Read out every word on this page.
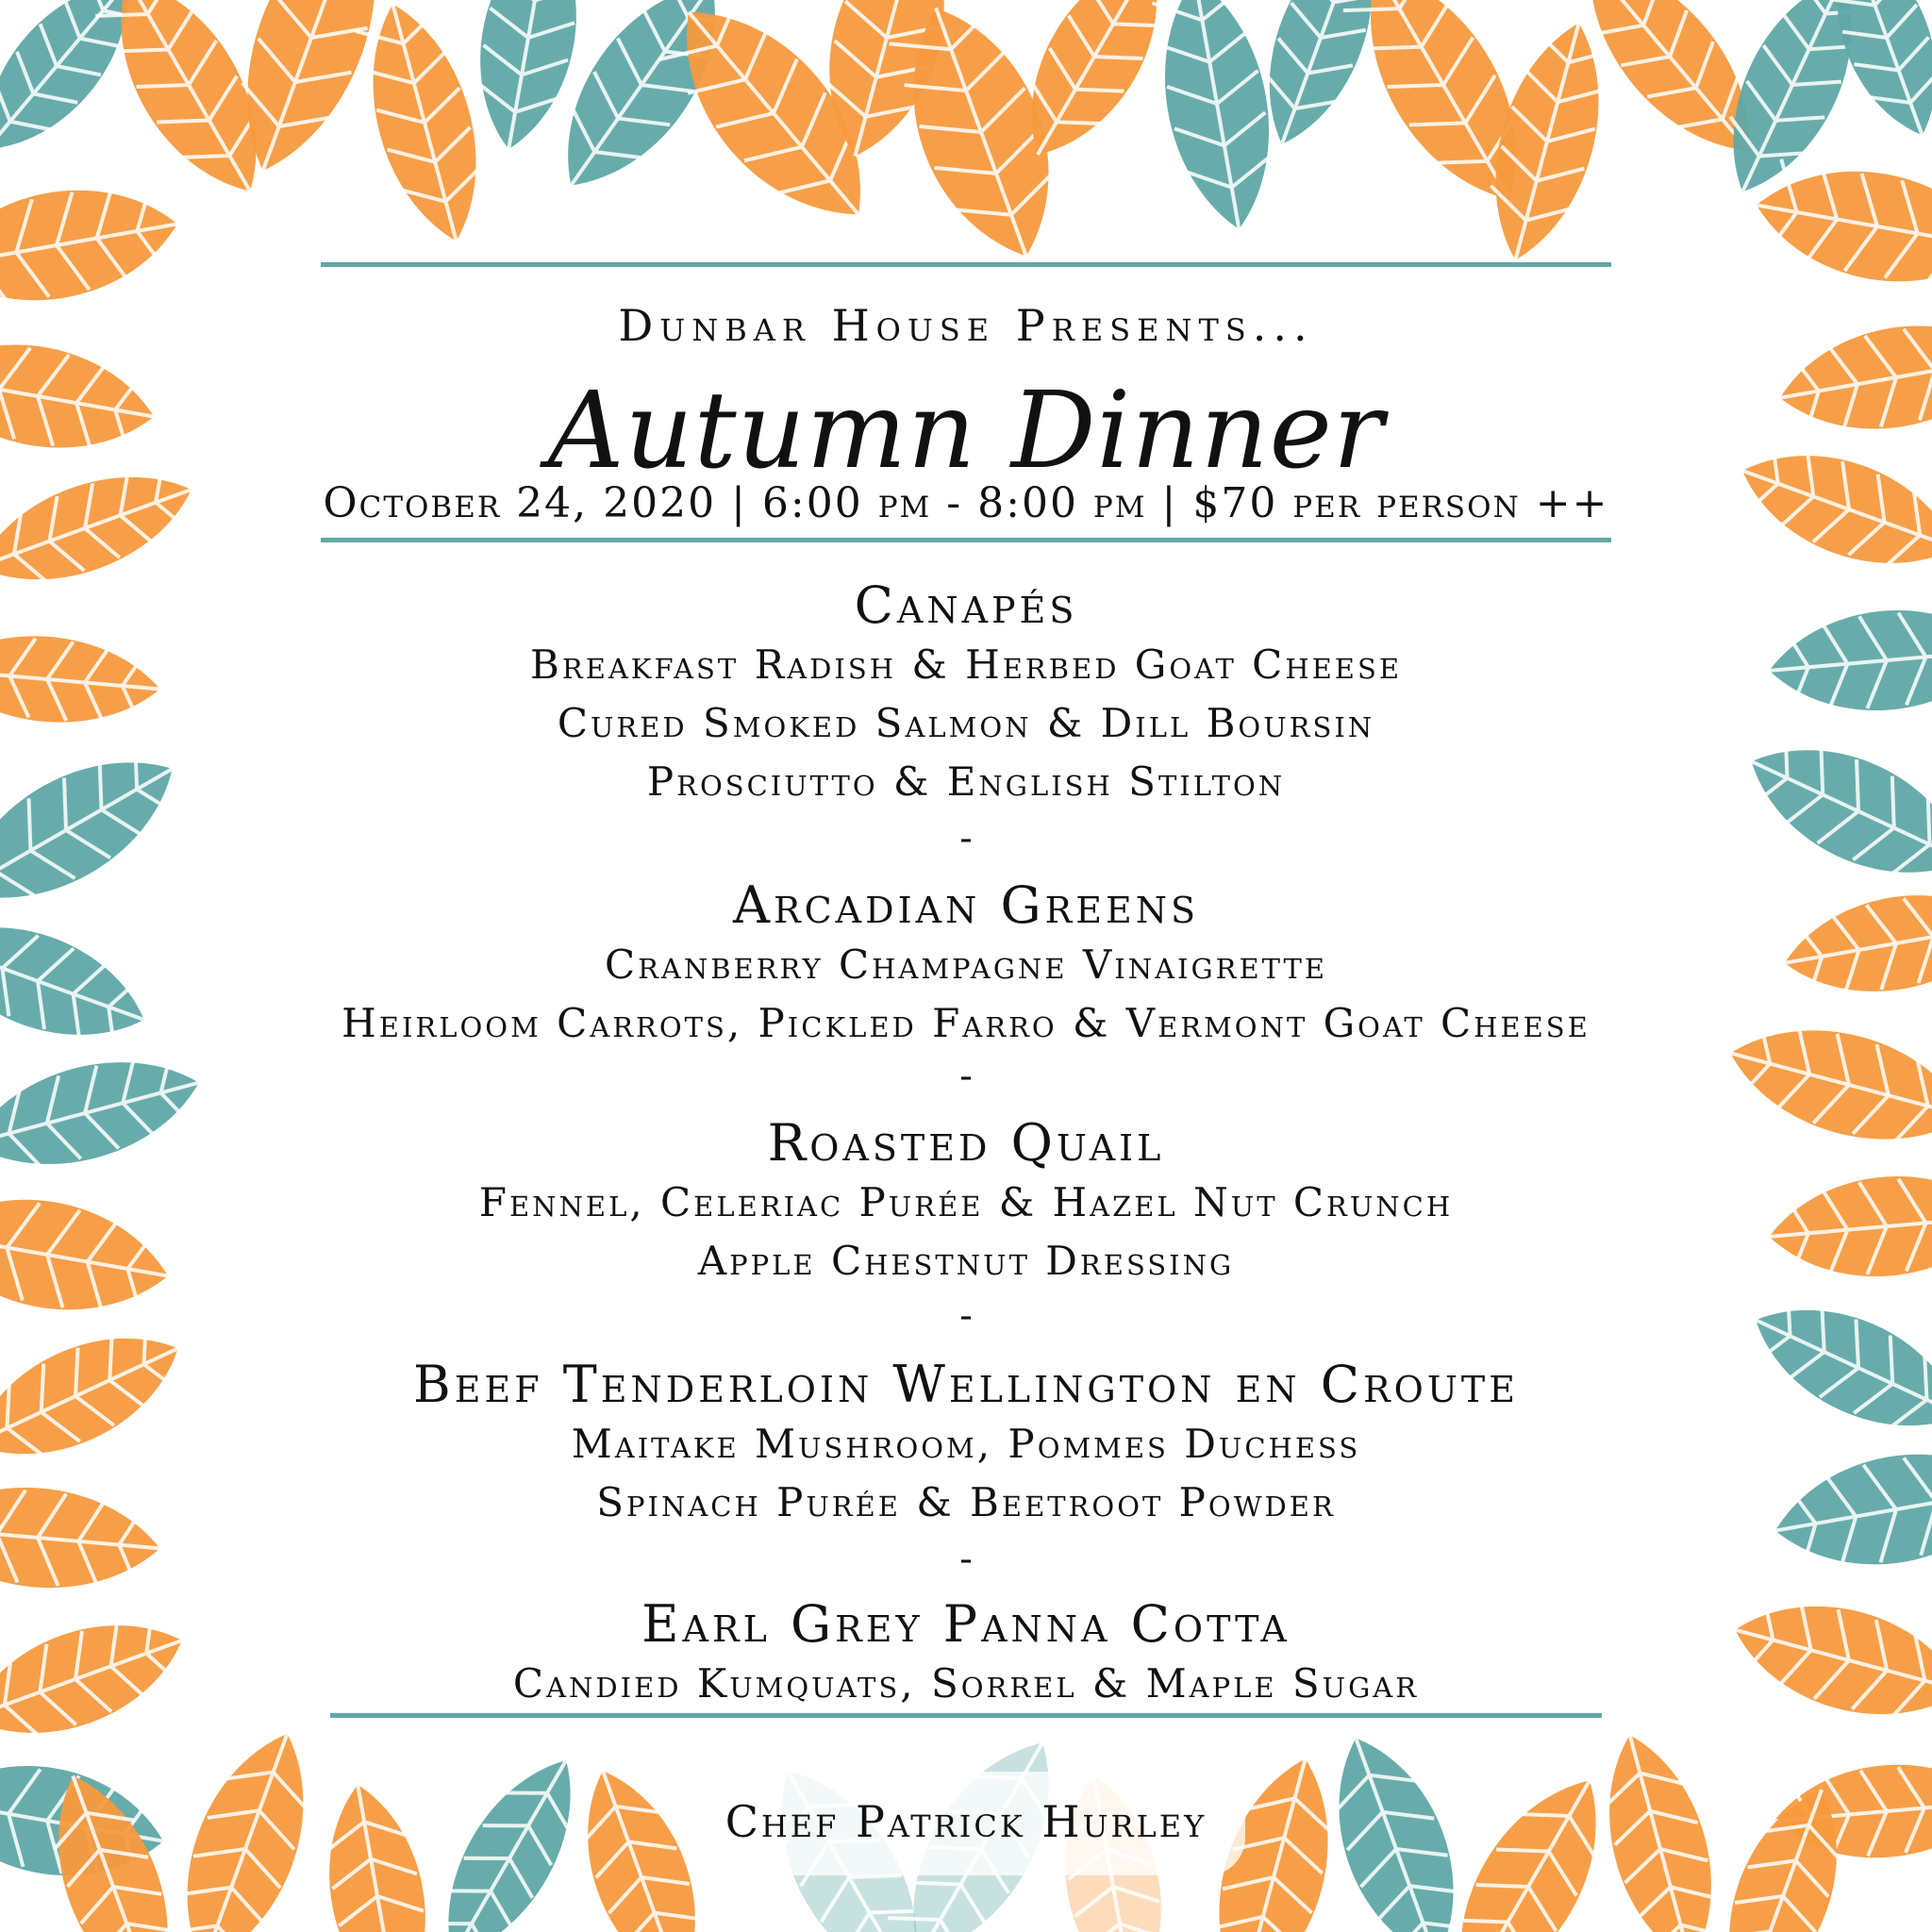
Dunbar House Presents...
Autumn Dinner
October 24, 2020 | 6:00 pm - 8:00 pm | $70 per person ++
Canapés
Breakfast Radish & Herbed Goat Cheese
Cured Smoked Salmon & Dill Boursin
Prosciutto & English Stilton
-
Arcadian Greens
Cranberry Champagne Vinaigrette
Heirloom Carrots, Pickled Farro & Vermont Goat Cheese
-
Roasted Quail
Fennel, Celeriac Purée & Hazel Nut Crunch
Apple Chestnut Dressing
-
Beef Tenderloin Wellington en Croute
Maitake Mushroom, Pommes Duchess
Spinach Purée & Beetroot Powder
-
Earl Grey Panna Cotta
Candied Kumquats, Sorrel & Maple Sugar
Chef Patrick Hurley
